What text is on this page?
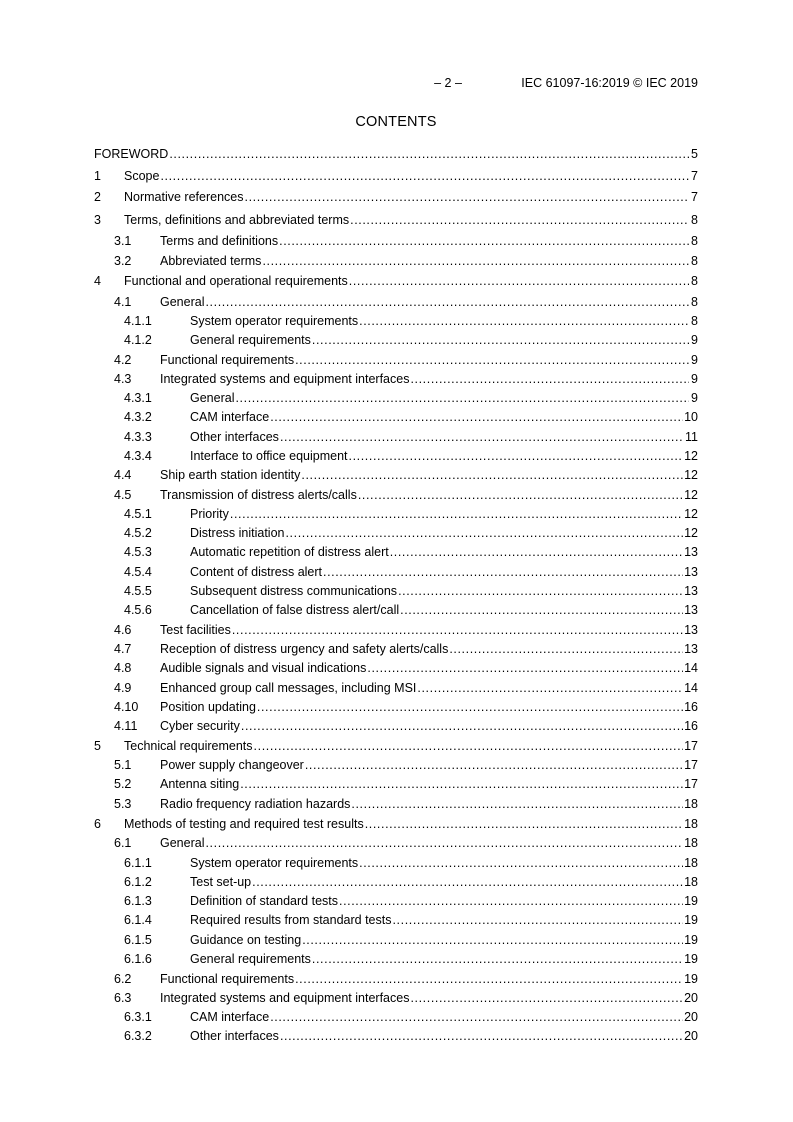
– 2 –	IEC 61097-16:2019 © IEC 2019
CONTENTS
FOREWORD .....	5
1	Scope .....	7
2	Normative references .....	7
3	Terms, definitions and abbreviated terms .....	8
3.1	Terms and definitions .....	8
3.2	Abbreviated terms .....	8
4	Functional and operational requirements .....	8
4.1	General .....	8
4.1.1	System operator requirements .....	8
4.1.2	General requirements .....	9
4.2	Functional requirements .....	9
4.3	Integrated systems and equipment interfaces .....	9
4.3.1	General .....	9
4.3.2	CAM interface .....	10
4.3.3	Other interfaces .....	11
4.3.4	Interface to office equipment .....	12
4.4	Ship earth station identity .....	12
4.5	Transmission of distress alerts/calls .....	12
4.5.1	Priority .....	12
4.5.2	Distress initiation .....	12
4.5.3	Automatic repetition of distress alert .....	13
4.5.4	Content of distress alert .....	13
4.5.5	Subsequent distress communications .....	13
4.5.6	Cancellation of false distress alert/call .....	13
4.6	Test facilities .....	13
4.7	Reception of distress urgency and safety alerts/calls .....	13
4.8	Audible signals and visual indications .....	14
4.9	Enhanced group call messages, including MSI .....	14
4.10	Position updating .....	16
4.11	Cyber security .....	16
5	Technical requirements .....	17
5.1	Power supply changeover .....	17
5.2	Antenna siting .....	17
5.3	Radio frequency radiation hazards .....	18
6	Methods of testing and required test results .....	18
6.1	General .....	18
6.1.1	System operator requirements .....	18
6.1.2	Test set-up .....	18
6.1.3	Definition of standard tests .....	19
6.1.4	Required results from standard tests .....	19
6.1.5	Guidance on testing .....	19
6.1.6	General requirements .....	19
6.2	Functional requirements .....	19
6.3	Integrated systems and equipment interfaces .....	20
6.3.1	CAM interface .....	20
6.3.2	Other interfaces .....	20
